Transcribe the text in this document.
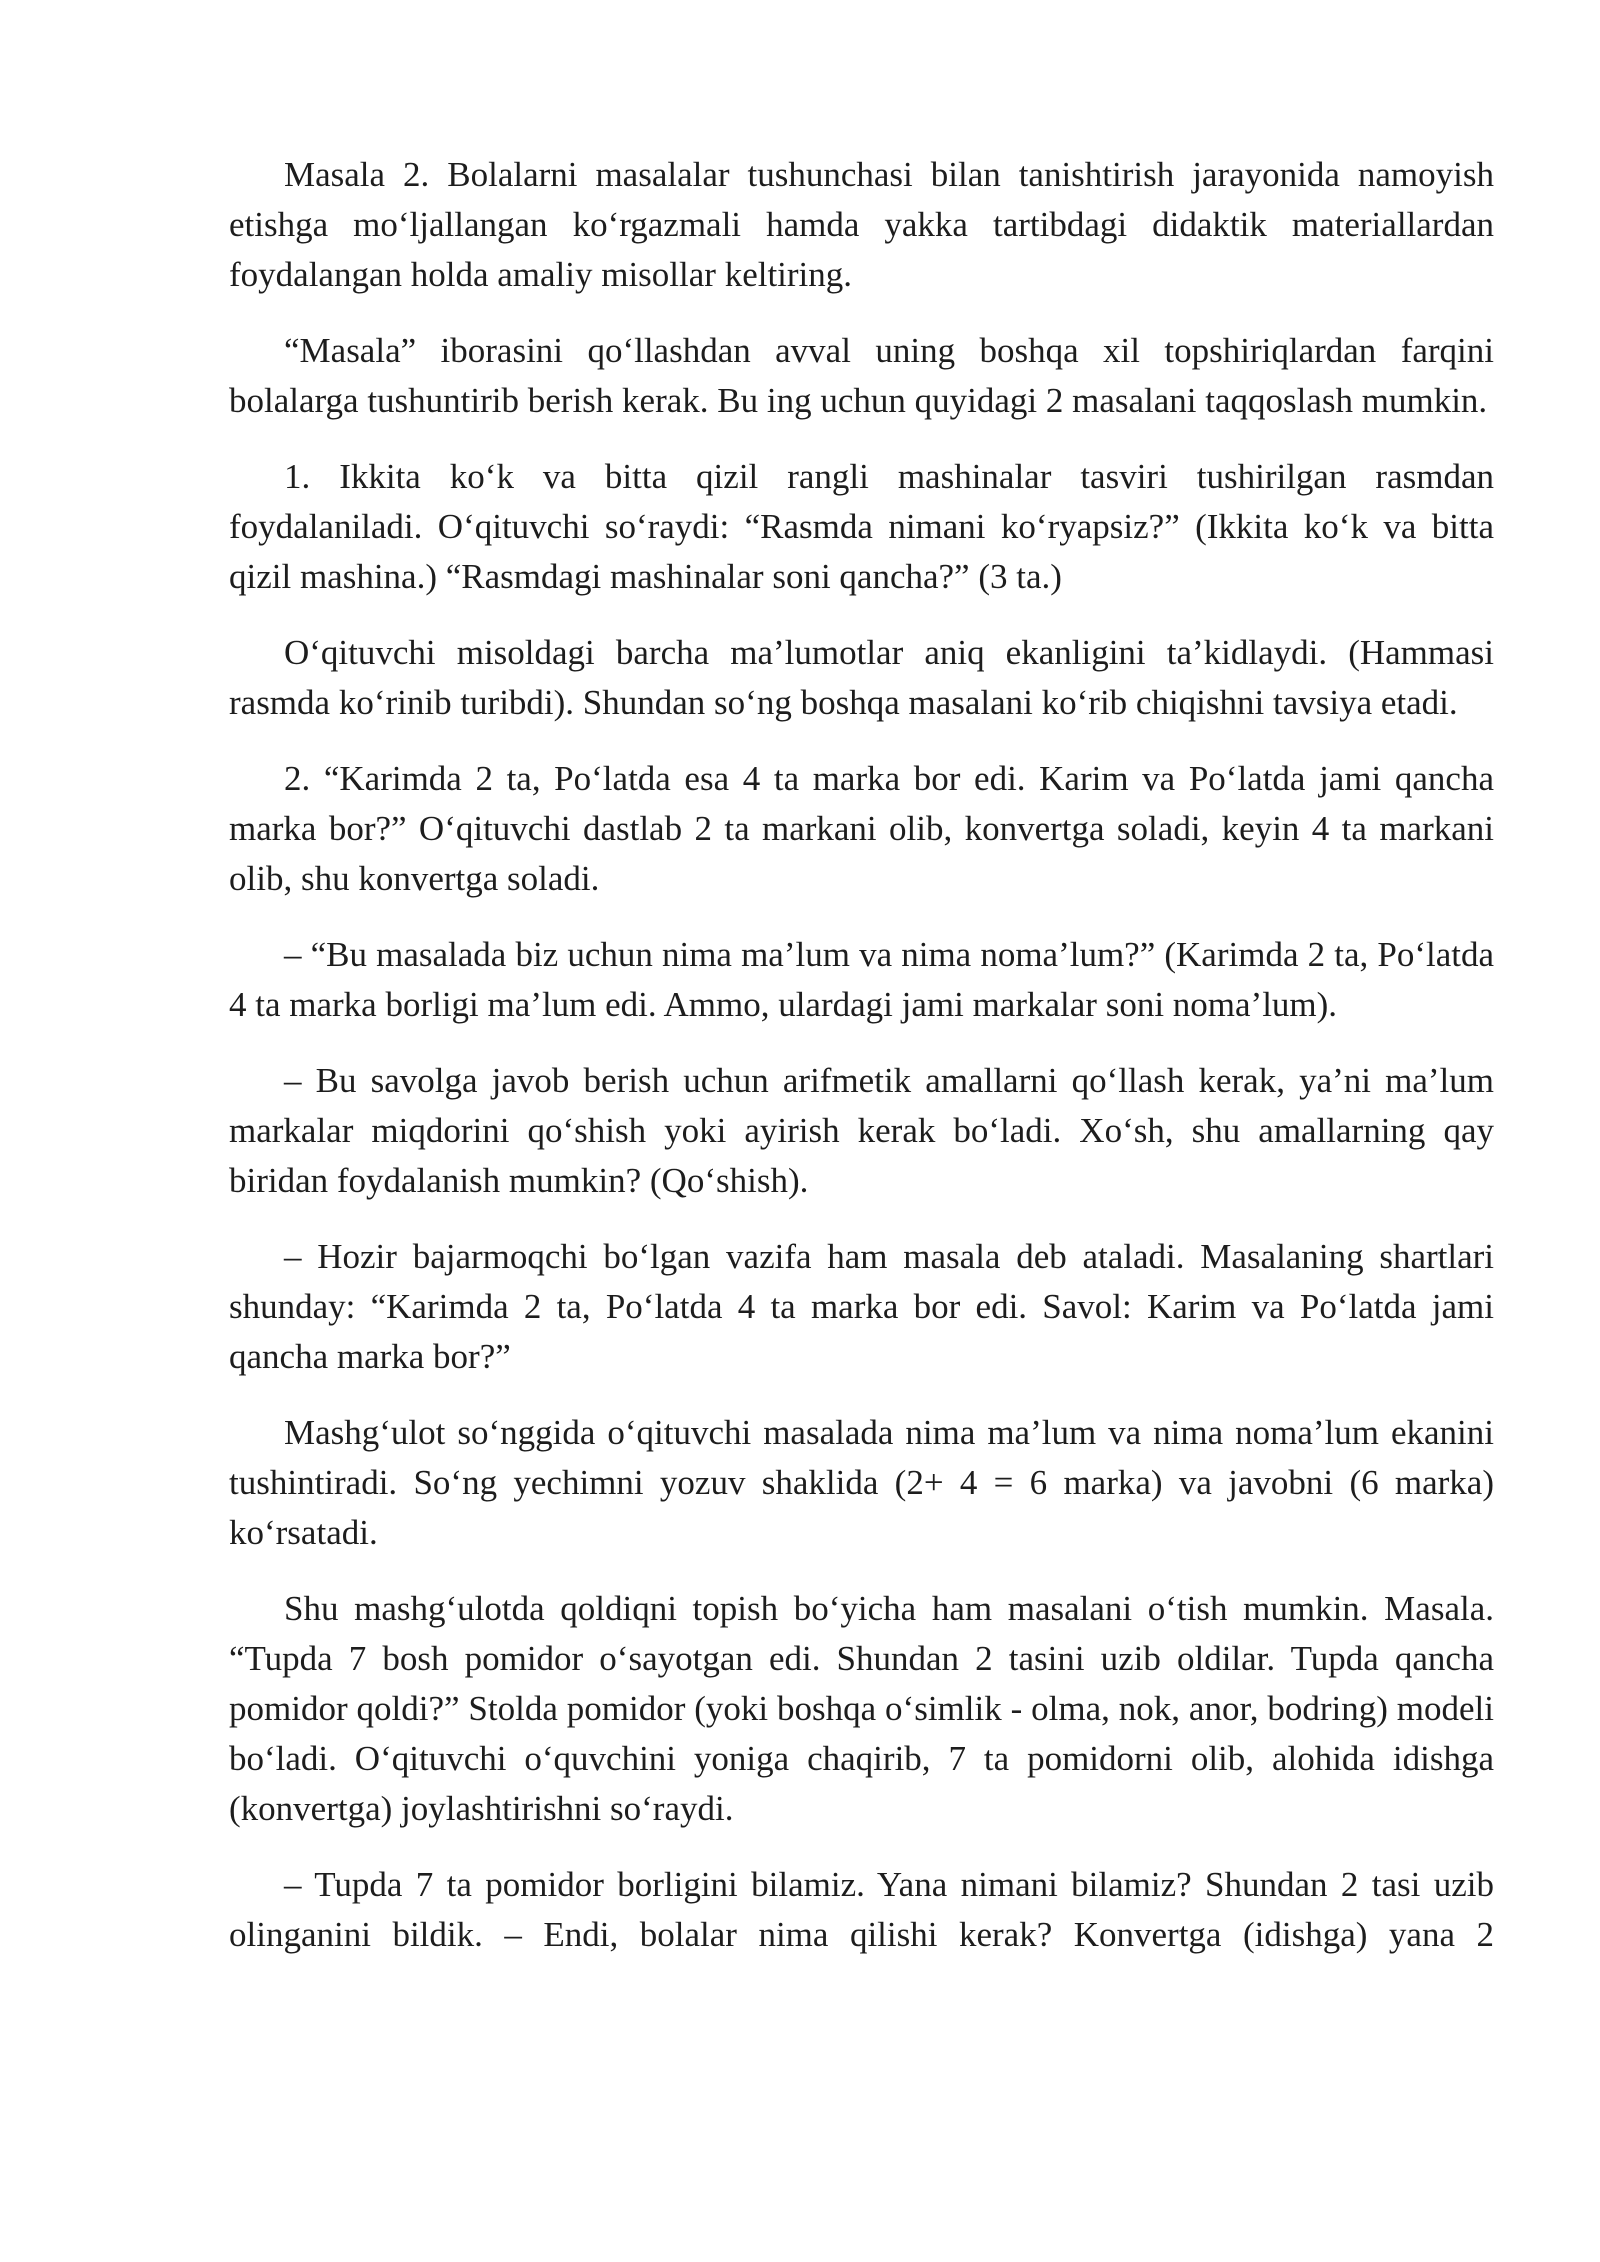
Masala 2. Bolalarni masalalar tushunchasi bilan tanishtirish jarayonida namoyish etishga mo‘ljallangan ko‘rgazmali hamda yakka tartibdagi didaktik materiallardan foydalangan holda amaliy misollar keltiring.

“Masala” iborasini qo‘llashdan avval uning boshqa xil topshiriqlardan farqini bolalarga tushuntirib berish kerak. Bu ing uchun quyidagi 2 masalani taqqoslash mumkin.

1. Ikkita ko‘k va bitta qizil rangli mashinalar tasviri tushirilgan rasmdan foydalaniladi. O‘qituvchi so‘raydi: “Rasmda nimani ko‘ryapsiz?” (Ikkita ko‘k va bitta qizil mashina.) “Rasmdagi mashinalar soni qancha?” (3 ta.)

O‘qituvchi misoldagi barcha ma’lumotlar aniq ekanligini ta’kidlaydi. (Hammasi rasmda ko‘rinib turibdi). Shundan so‘ng boshqa masalani ko‘rib chiqishni tavsiya etadi.

2. “Karimda 2 ta, Po‘latda esa 4 ta marka bor edi. Karim va Po‘latda jami qancha marka bor?” O‘qituvchi dastlab 2 ta markani olib, konvertga soladi, keyin 4 ta markani olib, shu konvertga soladi.

– “Bu masalada biz uchun nima ma’lum va nima noma’lum?” (Karimda 2 ta, Po‘latda 4 ta marka borligi ma’lum edi. Ammo, ulardagi jami markalar soni noma’lum).

– Bu savolga javob berish uchun arifmetik amallarni qo‘llash kerak, ya’ni ma’lum markalar miqdorini qo‘shish yoki ayirish kerak bo‘ladi. Xo‘sh, shu amallarning qay biridan foydalanish mumkin? (Qo‘shish).

– Hozir bajarmoqchi bo‘lgan vazifa ham masala deb ataladi. Masalaning shartlari shunday: “Karimda 2 ta, Po‘latda 4 ta marka bor edi. Savol: Karim va Po‘latda jami qancha marka bor?”

Mashg‘ulot so‘nggida o‘qituvchi masalada nima ma’lum va nima noma’lum ekanini tushintiradi. So‘ng yechimni yozuv shaklida (2+ 4 = 6 marka) va javobni (6 marka) ko‘rsatadi.

Shu mashg‘ulotda qoldiqni topish bo‘yicha ham masalani o‘tish mumkin. Masala. “Tupda 7 bosh pomidor o‘sayotgan edi. Shundan 2 tasini uzib oldilar. Tupda qancha pomidor qoldi?” Stolda pomidor (yoki boshqa o‘simlik - olma, nok, anor, bodring) modeli bo‘ladi. O‘qituvchi o‘quvchini yoniga chaqirib, 7 ta pomidorni olib, alohida idishga (konvertga) joylashtirishni so‘raydi.

– Tupda 7 ta pomidor borligini bilamiz. Yana nimani bilamiz? Shundan 2 tasi uzib olinganini bildik. – Endi, bolalar nima qilishi kerak? Konvertga (idishga) yana 2
